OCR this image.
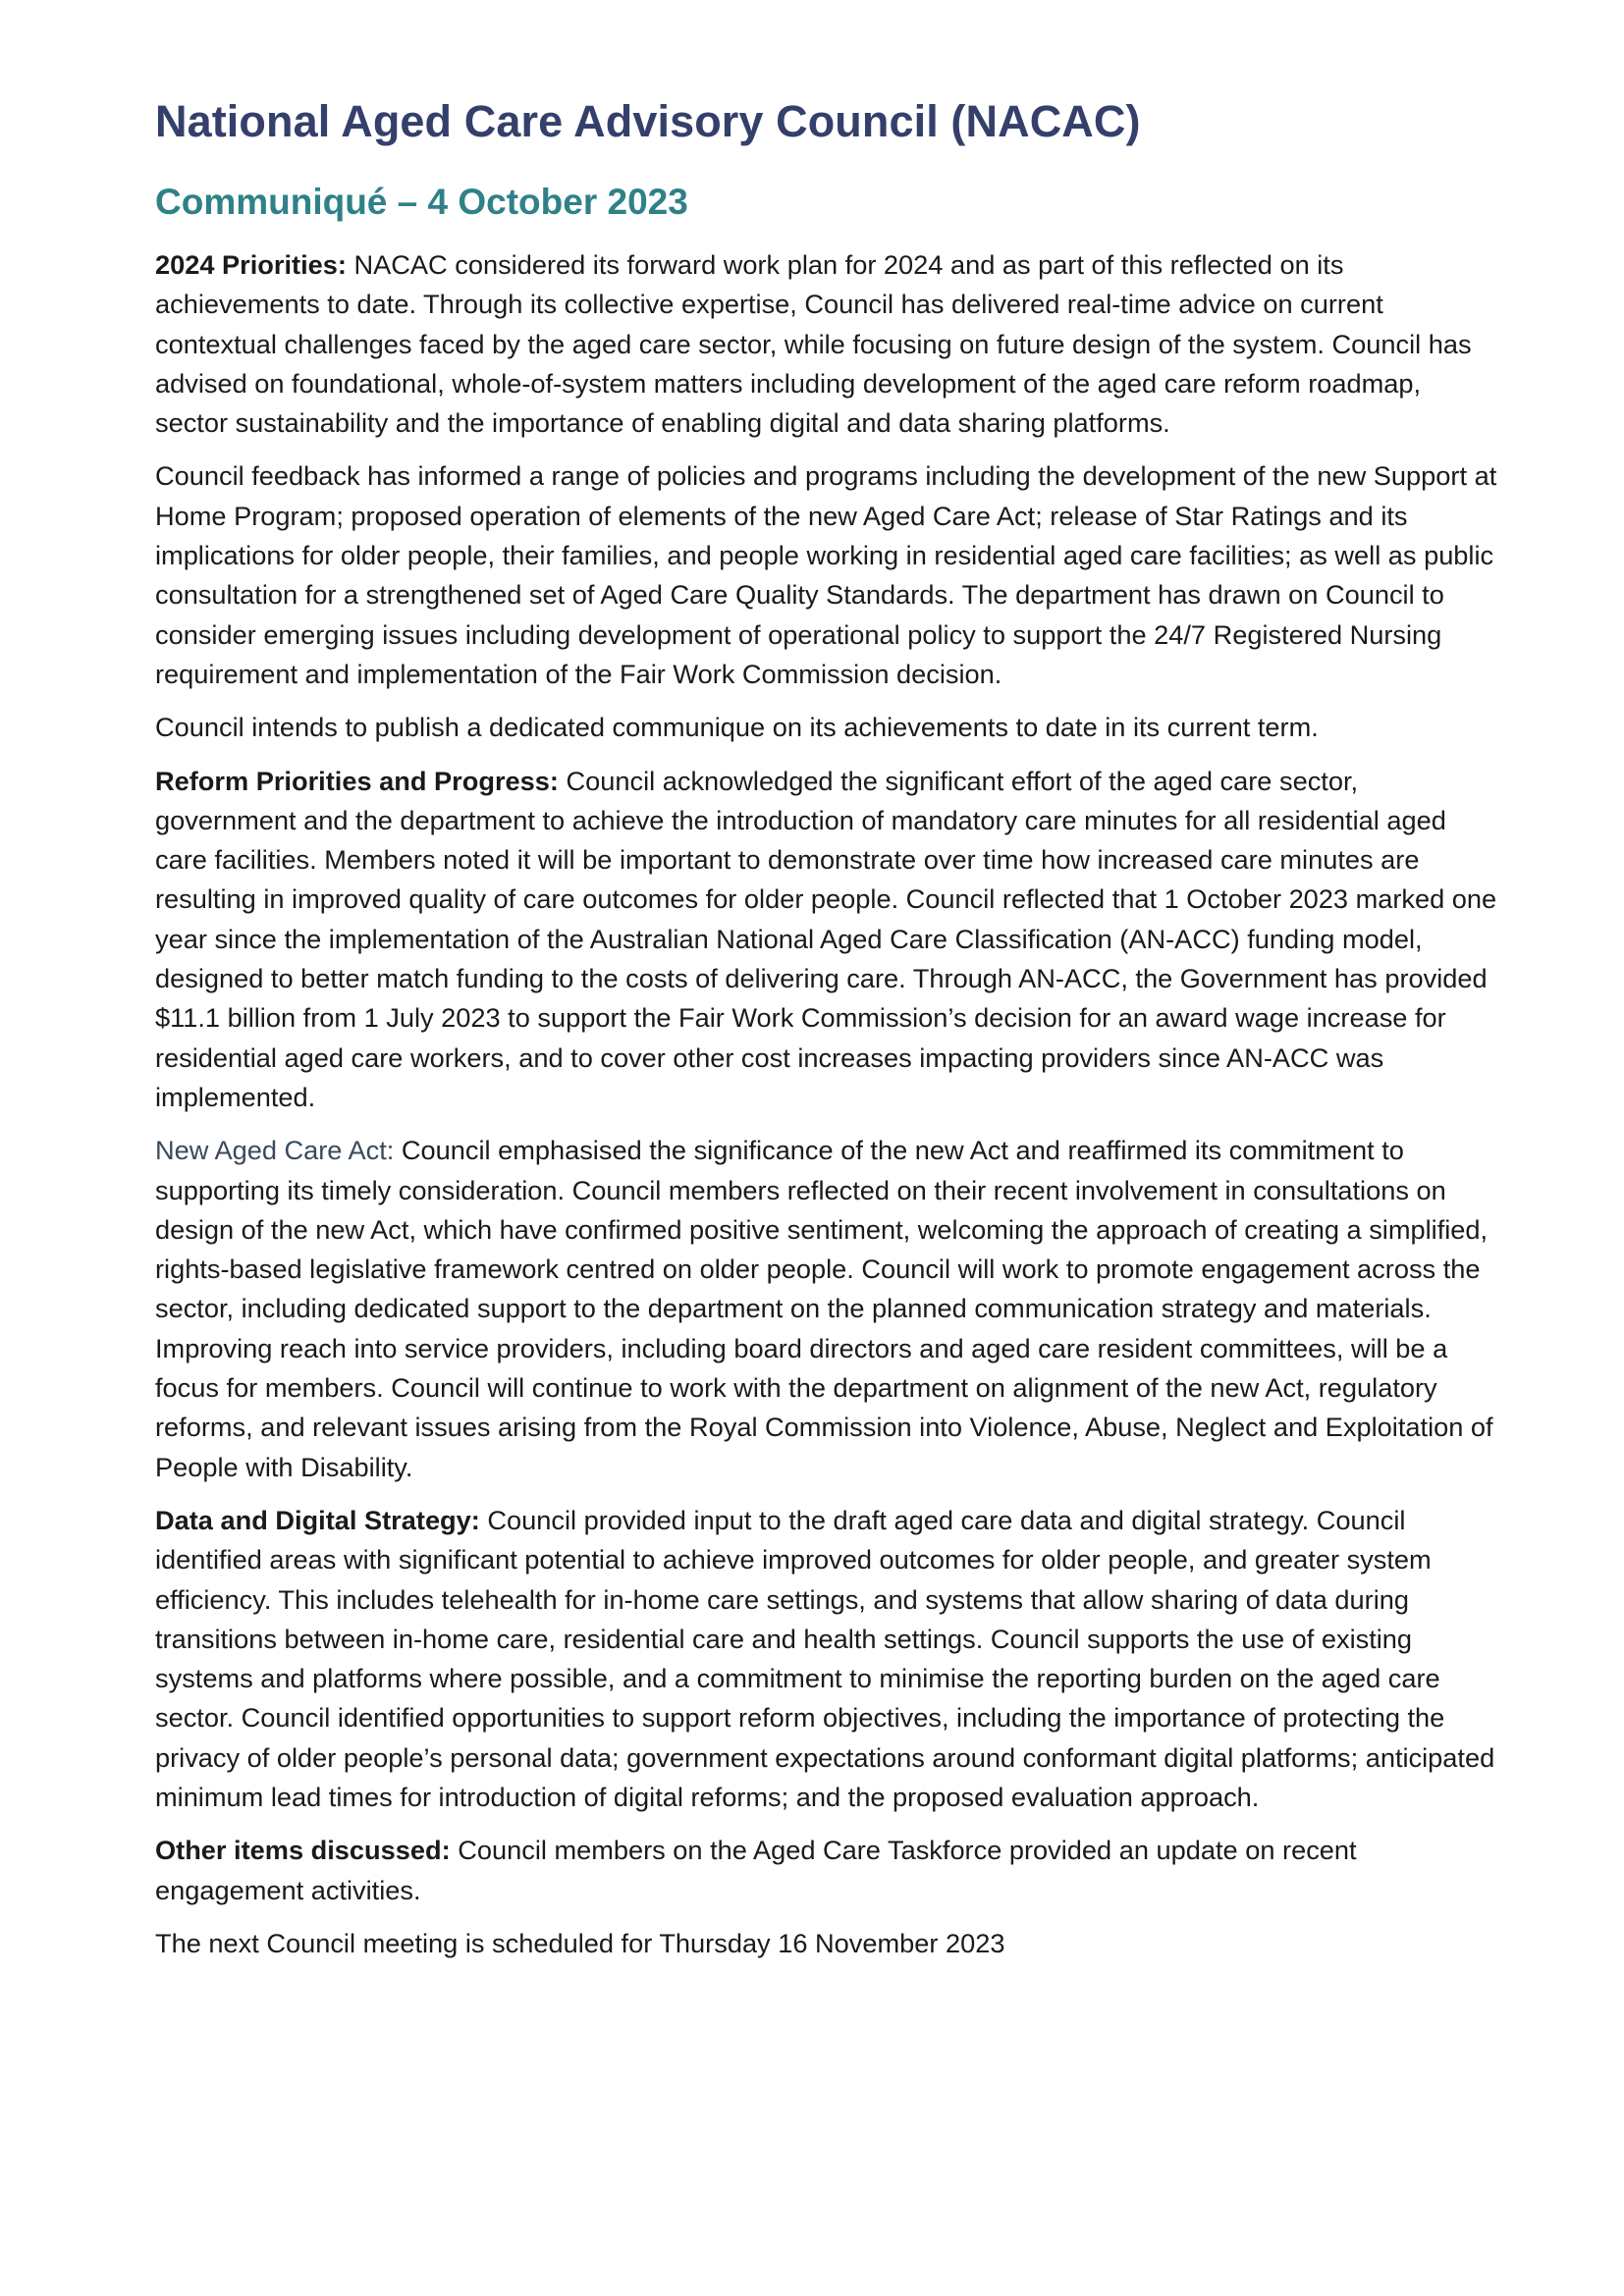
National Aged Care Advisory Council (NACAC)
Communiqué – 4 October 2023

2024 Priorities: NACAC considered its forward work plan for 2024 and as part of this reflected on its achievements to date. Through its collective expertise, Council has delivered real-time advice on current contextual challenges faced by the aged care sector, while focusing on future design of the system. Council has advised on foundational, whole-of-system matters including development of the aged care reform roadmap, sector sustainability and the importance of enabling digital and data sharing platforms.

Council feedback has informed a range of policies and programs including the development of the new Support at Home Program; proposed operation of elements of the new Aged Care Act; release of Star Ratings and its implications for older people, their families, and people working in residential aged care facilities; as well as public consultation for a strengthened set of Aged Care Quality Standards. The department has drawn on Council to consider emerging issues including development of operational policy to support the 24/7 Registered Nursing requirement and implementation of the Fair Work Commission decision.

Council intends to publish a dedicated communique on its achievements to date in its current term.

Reform Priorities and Progress: Council acknowledged the significant effort of the aged care sector, government and the department to achieve the introduction of mandatory care minutes for all residential aged care facilities. Members noted it will be important to demonstrate over time how increased care minutes are resulting in improved quality of care outcomes for older people. Council reflected that 1 October 2023 marked one year since the implementation of the Australian National Aged Care Classification (AN-ACC) funding model, designed to better match funding to the costs of delivering care. Through AN-ACC, the Government has provided $11.1 billion from 1 July 2023 to support the Fair Work Commission’s decision for an award wage increase for residential aged care workers, and to cover other cost increases impacting providers since AN-ACC was implemented.

New Aged Care Act: Council emphasised the significance of the new Act and reaffirmed its commitment to supporting its timely consideration. Council members reflected on their recent involvement in consultations on design of the new Act, which have confirmed positive sentiment, welcoming the approach of creating a simplified, rights-based legislative framework centred on older people. Council will work to promote engagement across the sector, including dedicated support to the department on the planned communication strategy and materials. Improving reach into service providers, including board directors and aged care resident committees, will be a focus for members. Council will continue to work with the department on alignment of the new Act, regulatory reforms, and relevant issues arising from the Royal Commission into Violence, Abuse, Neglect and Exploitation of People with Disability.

Data and Digital Strategy: Council provided input to the draft aged care data and digital strategy. Council identified areas with significant potential to achieve improved outcomes for older people, and greater system efficiency. This includes telehealth for in-home care settings, and systems that allow sharing of data during transitions between in-home care, residential care and health settings. Council supports the use of existing systems and platforms where possible, and a commitment to minimise the reporting burden on the aged care sector. Council identified opportunities to support reform objectives, including the importance of protecting the privacy of older people’s personal data; government expectations around conformant digital platforms; anticipated minimum lead times for introduction of digital reforms; and the proposed evaluation approach.

Other items discussed: Council members on the Aged Care Taskforce provided an update on recent engagement activities.

The next Council meeting is scheduled for Thursday 16 November 2023
